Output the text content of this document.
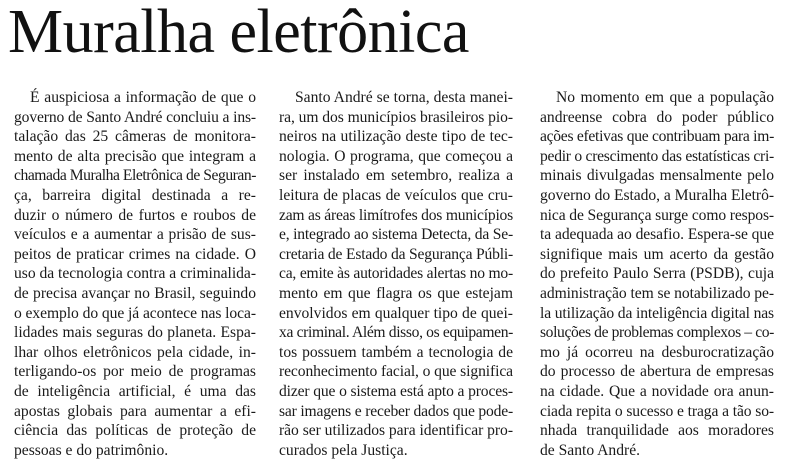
Muralha eletrônica
É auspiciosa a informação de que o
governo de Santo André concluiu a ins-
talação das 25 câmeras de monitora-
mento de alta precisão que integram a
chamada Muralha Eletrônica de Seguran-
ça, barreira digital destinada a re-
duzir o número de furtos e roubos de
veículos e a aumentar a prisão de sus-
peitos de praticar crimes na cidade. O
uso da tecnologia contra a criminalida-
de precisa avançar no Brasil, seguindo
o exemplo do que já acontece nas loca-
lidades mais seguras do planeta. Espa-
lhar olhos eletrônicos pela cidade, in-
terligando-os por meio de programas
de inteligência artificial, é uma das
apostas globais para aumentar a efi-
ciência das políticas de proteção de
pessoas e do patrimônio.
Santo André se torna, desta manei-
ra, um dos municípios brasileiros pio-
neiros na utilização deste tipo de tec-
nologia. O programa, que começou a
ser instalado em setembro, realiza a
leitura de placas de veículos que cru-
zam as áreas limítrofes dos municípios
e, integrado ao sistema Detecta, da Se-
cretaria de Estado da Segurança Públi-
ca, emite às autoridades alertas no mo-
mento em que flagra os que estejam
envolvidos em qualquer tipo de quei-
xa criminal. Além disso, os equipamen-
tos possuem também a tecnologia de
reconhecimento facial, o que significa
dizer que o sistema está apto a proces-
sar imagens e receber dados que pode-
rão ser utilizados para identificar pro-
curados pela Justiça.
No momento em que a população
andreense cobra do poder público
ações efetivas que contribuam para im-
pedir o crescimento das estatísticas cri-
minais divulgadas mensalmente pelo
governo do Estado, a Muralha Eletrô-
nica de Segurança surge como respos-
ta adequada ao desafio. Espera-se que
signifique mais um acerto da gestão
do prefeito Paulo Serra (PSDB), cuja
administração tem se notabilizado pe-
la utilização da inteligência digital nas
soluções de problemas complexos – co-
mo já ocorreu na desburocratização
do processo de abertura de empresas
na cidade. Que a novidade ora anun-
ciada repita o sucesso e traga a tão so-
nhada tranquilidade aos moradores
de Santo André.
